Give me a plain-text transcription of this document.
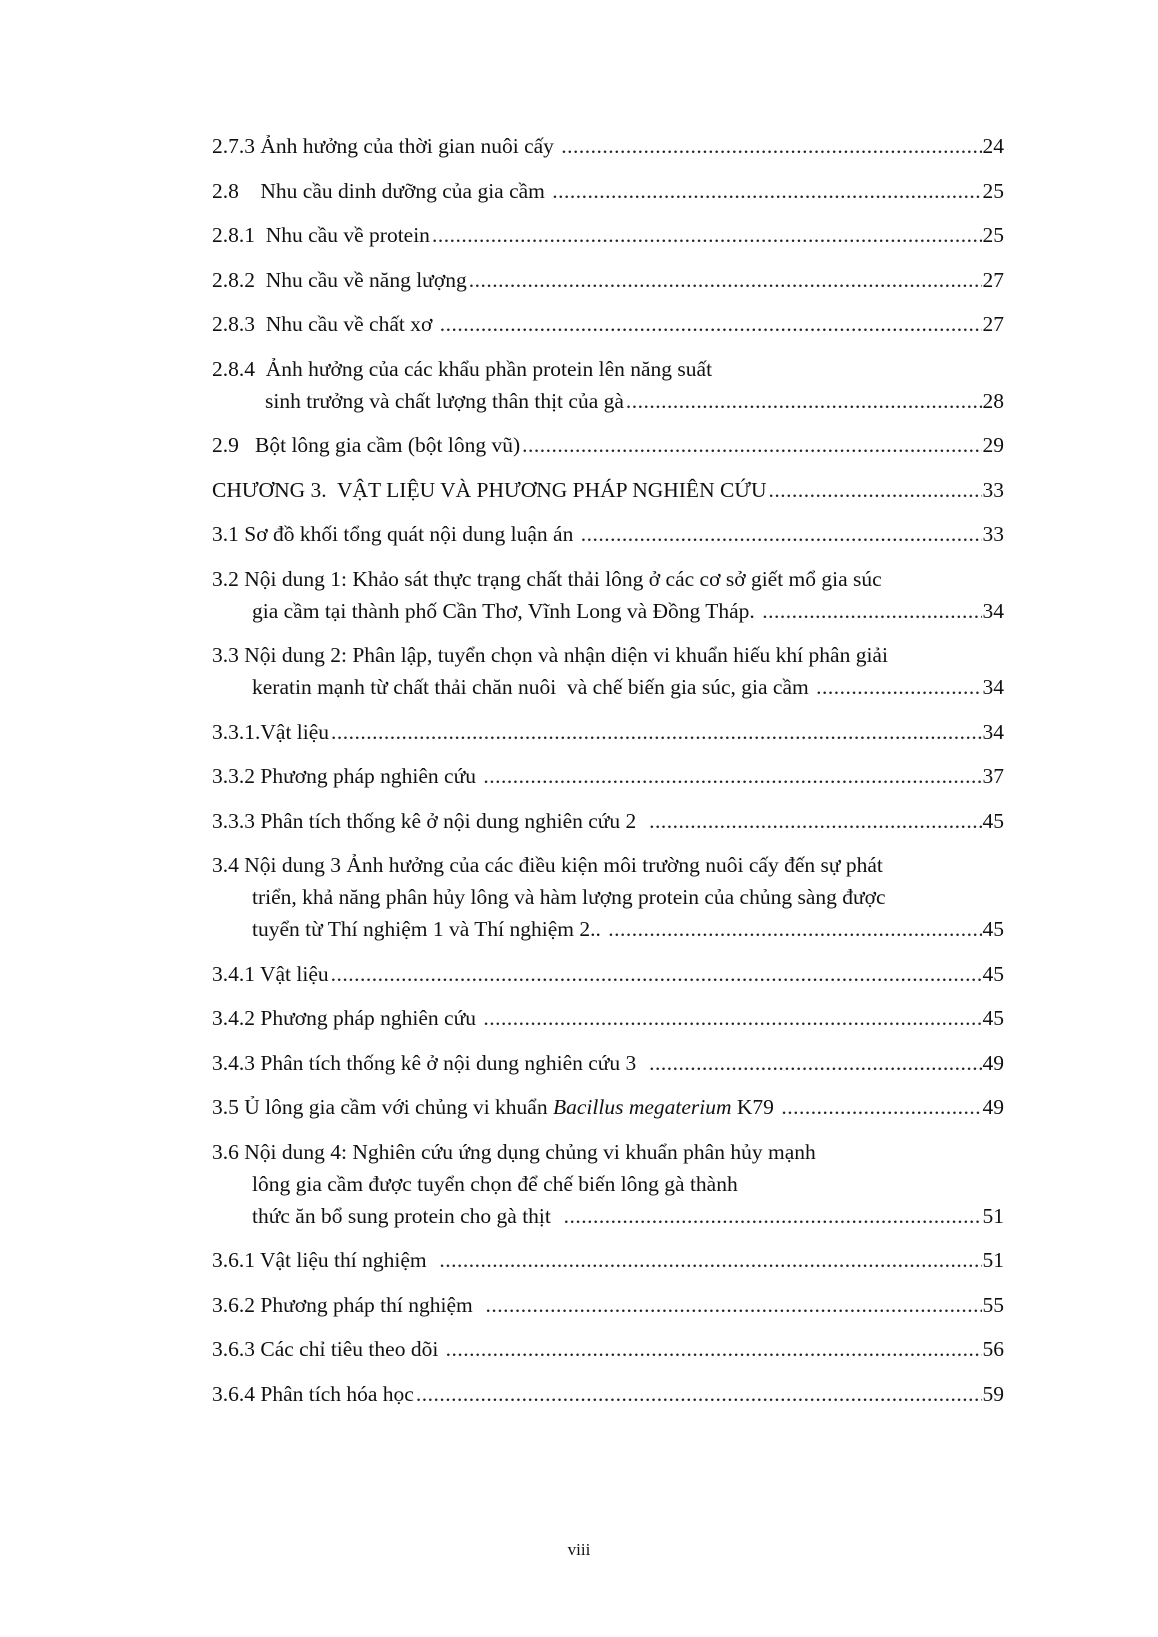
2.7.3 Ảnh hưởng của thời gian nuôi cấy .....	24
2.8    Nhu cầu dinh dưỡng của gia cầm .....	25
2.8.1  Nhu cầu về protein .....	25
2.8.2  Nhu cầu về năng lượng .....	27
2.8.3  Nhu cầu về chất xơ .....	27
2.8.4  Ảnh hưởng của các khẩu phần protein lên năng suất
sinh trưởng và chất lượng thân thịt của gà .....	28
2.9   Bột lông gia cầm (bột lông vũ) .....	29
CHƯƠNG 3.  VẬT LIỆU VÀ PHƯƠNG PHÁP NGHIÊN CỨU .....	33
3.1 Sơ đồ khối tổng quát nội dung luận án .....	33
3.2 Nội dung 1: Khảo sát thực trạng chất thải lông ở các cơ sở giết mổ gia súc
gia cầm tại thành phố Cần Thơ, Vĩnh Long và Đồng Tháp. .....	34
3.3 Nội dung 2: Phân lập, tuyển chọn và nhận diện vi khuẩn hiếu khí phân giải
keratin mạnh từ chất thải chăn nuôi  và chế biến gia súc, gia cầm .....	34
3.3.1.Vật liệu .....	34
3.3.2 Phương pháp nghiên cứu .....	37
3.3.3 Phân tích thống kê ở nội dung nghiên cứu 2 .....	45
3.4 Nội dung 3 Ảnh hưởng của các điều kiện môi trường nuôi cấy đến sự phát
triển, khả năng phân hủy lông và hàm lượng protein của chủng sàng được
tuyển từ Thí nghiệm 1 và Thí nghiệm 2.. .....	45
3.4.1 Vật liệu .....	45
3.4.2 Phương pháp nghiên cứu .....	45
3.4.3 Phân tích thống kê ở nội dung nghiên cứu 3 .....	49
3.5 Ủ lông gia cầm với chủng vi khuẩn Bacillus megaterium K79 .....	49
3.6 Nội dung 4: Nghiên cứu ứng dụng chủng vi khuẩn phân hủy mạnh
lông gia cầm được tuyển chọn để chế biến lông gà thành
thức ăn bổ sung protein cho gà thịt .....	51
3.6.1 Vật liệu thí nghiệm .....	51
3.6.2 Phương pháp thí nghiệm .....	55
3.6.3 Các chỉ tiêu theo dõi .....	56
3.6.4 Phân tích hóa học .....	59
viii
